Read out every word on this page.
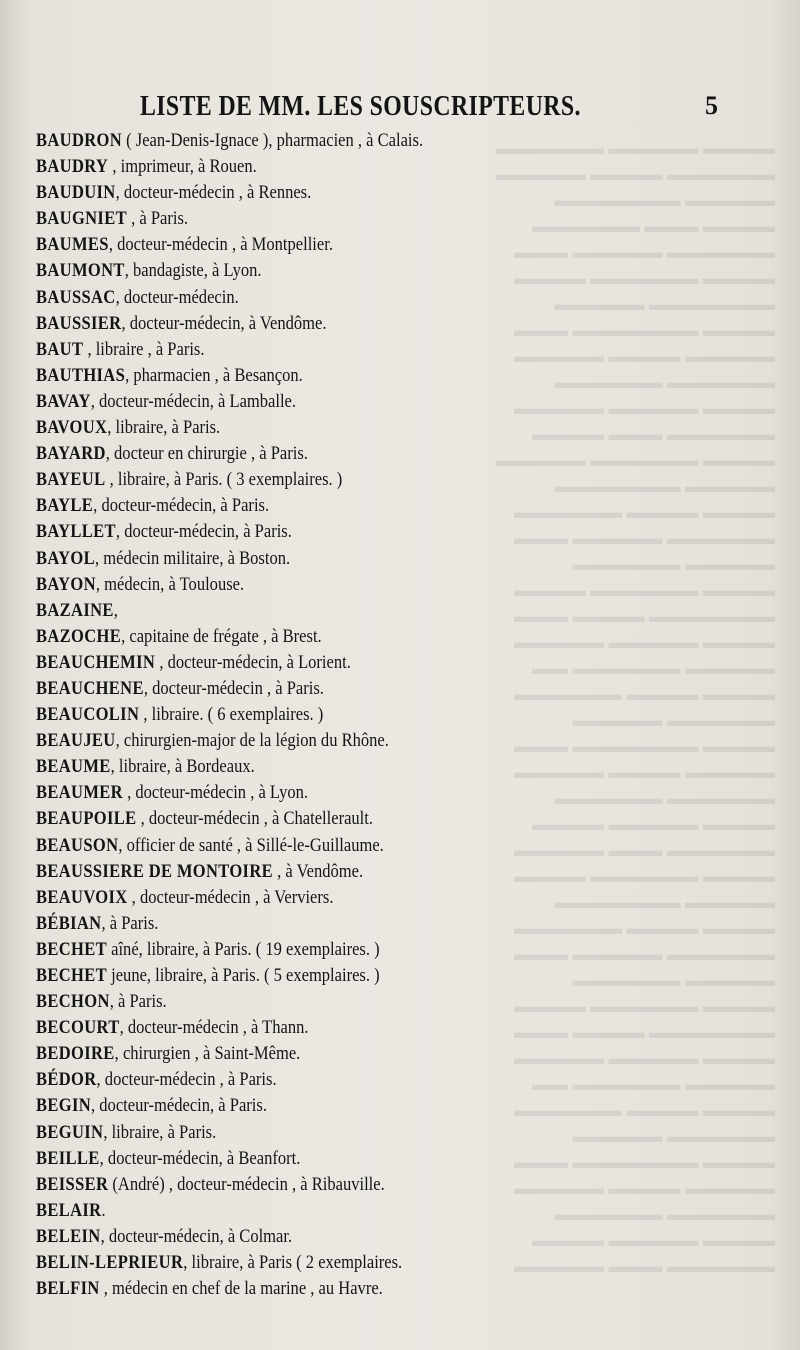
▬▬▬▬ ▬▬▬▬▬ ▬▬▬▬▬▬
▬▬▬▬▬▬ ▬▬▬▬ ▬▬▬▬▬
▬▬▬▬▬ ▬▬▬▬▬▬▬
▬▬▬▬ ▬▬▬ ▬▬▬▬▬▬
▬▬▬▬▬▬ ▬▬▬▬▬ ▬▬▬
▬▬▬▬ ▬▬▬▬▬▬ ▬▬▬▬
▬▬▬▬▬▬▬ ▬▬▬▬▬
▬▬▬▬ ▬▬▬▬▬▬▬ ▬▬▬
▬▬▬▬▬ ▬▬▬▬ ▬▬▬▬▬
▬▬▬▬▬▬ ▬▬▬▬▬▬
▬▬▬▬ ▬▬▬▬▬ ▬▬▬▬▬
▬▬▬▬▬▬ ▬▬▬ ▬▬▬▬
▬▬▬▬ ▬▬▬▬▬▬ ▬▬▬▬▬
▬▬▬▬▬ ▬▬▬▬▬▬▬
▬▬▬▬ ▬▬▬▬ ▬▬▬▬▬▬
▬▬▬▬▬▬ ▬▬▬▬▬ ▬▬▬
▬▬▬▬▬ ▬▬▬▬▬▬
▬▬▬▬ ▬▬▬▬▬▬ ▬▬▬▬
▬▬▬▬▬▬▬ ▬▬▬▬ ▬▬▬
▬▬▬▬ ▬▬▬▬▬ ▬▬▬▬▬
▬▬▬▬▬ ▬▬▬▬▬▬ ▬▬
▬▬▬▬ ▬▬▬▬ ▬▬▬▬▬▬
▬▬▬▬▬▬ ▬▬▬▬▬
▬▬▬▬ ▬▬▬▬▬▬▬ ▬▬▬
▬▬▬▬▬ ▬▬▬▬ ▬▬▬▬▬
▬▬▬▬▬▬ ▬▬▬▬▬▬
▬▬▬▬ ▬▬▬▬▬ ▬▬▬▬
▬▬▬▬▬▬ ▬▬▬ ▬▬▬▬▬
▬▬▬▬ ▬▬▬▬▬▬ ▬▬▬▬
▬▬▬▬▬ ▬▬▬▬▬▬▬
▬▬▬▬ ▬▬▬▬ ▬▬▬▬▬▬
▬▬▬▬▬▬ ▬▬▬▬▬ ▬▬▬
▬▬▬▬▬ ▬▬▬▬▬▬
▬▬▬▬ ▬▬▬▬▬▬ ▬▬▬▬
▬▬▬▬▬▬▬ ▬▬▬▬ ▬▬▬
▬▬▬▬ ▬▬▬▬▬ ▬▬▬▬▬
▬▬▬▬▬ ▬▬▬▬▬▬ ▬▬
▬▬▬▬ ▬▬▬▬ ▬▬▬▬▬▬
▬▬▬▬▬▬ ▬▬▬▬▬
▬▬▬▬ ▬▬▬▬▬▬▬ ▬▬▬
▬▬▬▬▬ ▬▬▬▬ ▬▬▬▬▬
▬▬▬▬▬▬ ▬▬▬▬▬▬
▬▬▬▬ ▬▬▬▬▬ ▬▬▬▬
▬▬▬▬▬▬ ▬▬▬ ▬▬▬▬▬
LISTE DE MM. LES SOUSCRIPTEURS.	5
BAUDRON ( Jean-Denis-Ignace ), pharmacien , à Calais.
BAUDRY , imprimeur, à Rouen.
BAUDUIN, docteur-médecin , à Rennes.
BAUGNIET , à Paris.
BAUMES, docteur-médecin , à Montpellier.
BAUMONT, bandagiste, à Lyon.
BAUSSAC, docteur-médecin.
BAUSSIER, docteur-médecin, à Vendôme.
BAUT , libraire , à Paris.
BAUTHIAS, pharmacien , à Besançon.
BAVAY, docteur-médecin, à Lamballe.
BAVOUX, libraire, à Paris.
BAYARD, docteur en chirurgie , à Paris.
BAYEUL , libraire, à Paris. ( 3 exemplaires. )
BAYLE, docteur-médecin, à Paris.
BAYLLET, docteur-médecin, à Paris.
BAYOL, médecin militaire, à Boston.
BAYON, médecin, à Toulouse.
BAZAINE,
BAZOCHE, capitaine de frégate , à Brest.
BEAUCHEMIN , docteur-médecin, à Lorient.
BEAUCHENE, docteur-médecin , à Paris.
BEAUCOLIN , libraire. ( 6 exemplaires. )
BEAUJEU, chirurgien-major de la légion du Rhône.
BEAUME, libraire, à Bordeaux.
BEAUMER , docteur-médecin , à Lyon.
BEAUPOILE , docteur-médecin , à Chatellerault.
BEAUSON, officier de santé , à Sillé-le-Guillaume.
BEAUSSIERE DE MONTOIRE , à Vendôme.
BEAUVOIX , docteur-médecin , à Verviers.
BÉBIAN, à Paris.
BECHET aîné, libraire, à Paris. ( 19 exemplaires. )
BECHET jeune, libraire, à Paris. ( 5 exemplaires. )
BECHON, à Paris.
BECOURT, docteur-médecin , à Thann.
BEDOIRE, chirurgien , à Saint-Même.
BÉDOR, docteur-médecin , à Paris.
BEGIN, docteur-médecin, à Paris.
BEGUIN, libraire, à Paris.
BEILLE, docteur-médecin, à Beanfort.
BEISSER (André) , docteur-médecin , à Ribauville.
BELAIR.
BELEIN, docteur-médecin, à Colmar.
BELIN-LEPRIEUR, libraire, à Paris ( 2 exemplaires.
BELFIN , médecin en chef de la marine , au Havre.
